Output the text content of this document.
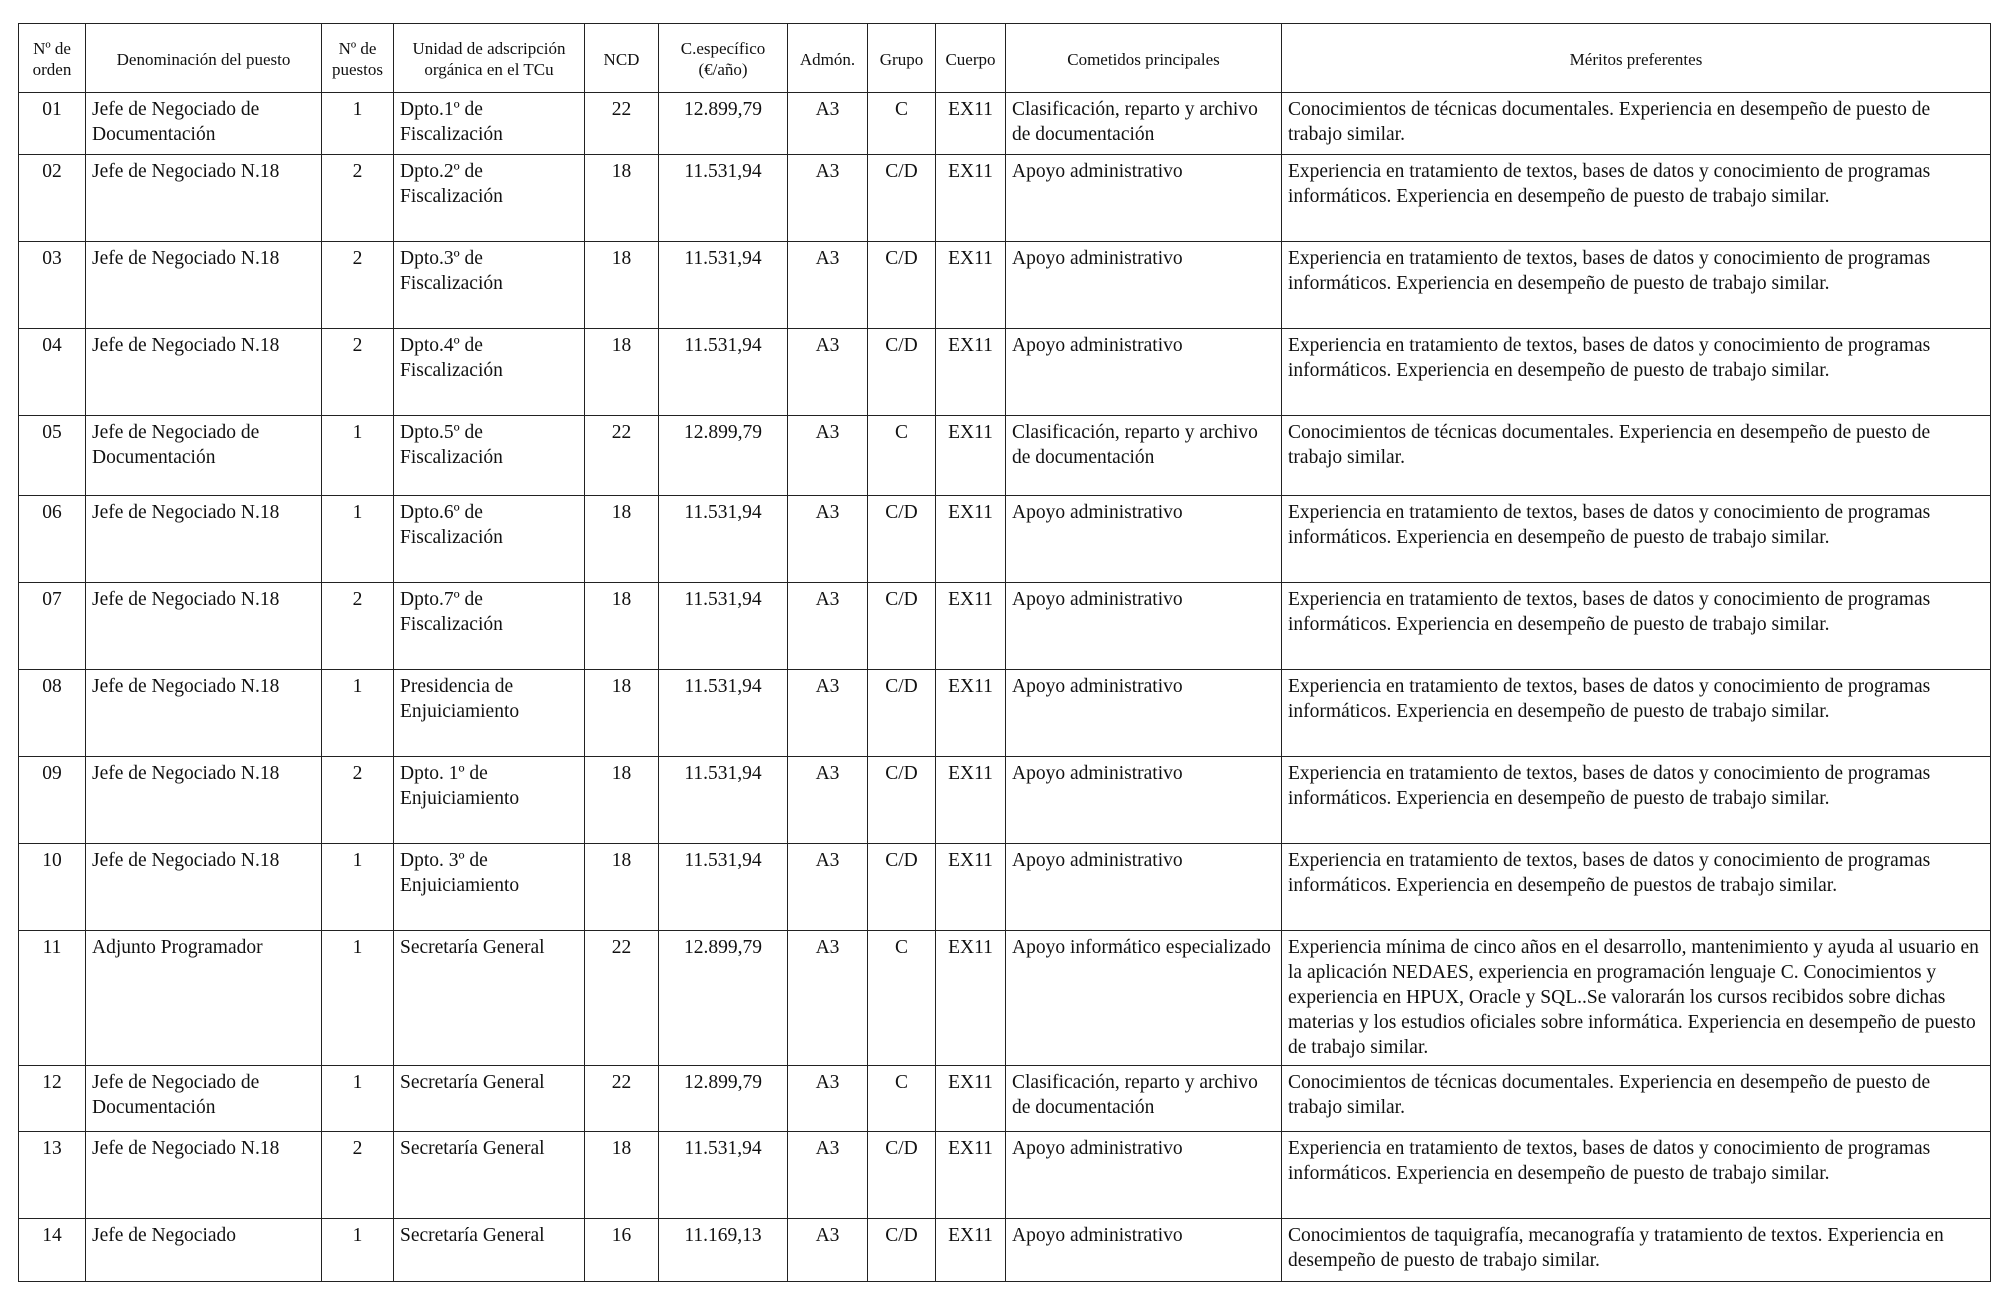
Nº de orden	Denominación del puesto	Nº de puestos	Unidad de adscripción orgánica en el TCu	NCD	C.específico (€/año)	Admón.	Grupo	Cuerpo	Cometidos principales	Méritos preferentes
01	Jefe de Negociado de Documentación	1	Dpto.1º de Fiscalización	22	12.899,79	A3	C	EX11	Clasificación, reparto y archivo de documentación	Conocimientos de técnicas documentales. Experiencia en desempeño de puesto de trabajo similar.
02	Jefe de Negociado N.18	2	Dpto.2º de Fiscalización	18	11.531,94	A3	C/D	EX11	Apoyo administrativo	Experiencia en tratamiento de textos, bases de datos y conocimiento de programas informáticos. Experiencia en desempeño de puesto de trabajo similar.
03	Jefe de Negociado N.18	2	Dpto.3º de Fiscalización	18	11.531,94	A3	C/D	EX11	Apoyo administrativo	Experiencia en tratamiento de textos, bases de datos y conocimiento de programas informáticos. Experiencia en desempeño de puesto de trabajo similar.
04	Jefe de Negociado N.18	2	Dpto.4º de Fiscalización	18	11.531,94	A3	C/D	EX11	Apoyo administrativo	Experiencia en tratamiento de textos, bases de datos y conocimiento de programas informáticos. Experiencia en desempeño de puesto de trabajo similar.
05	Jefe de Negociado de Documentación	1	Dpto.5º de Fiscalización	22	12.899,79	A3	C	EX11	Clasificación, reparto y archivo de documentación	Conocimientos de técnicas documentales. Experiencia en desempeño de puesto de trabajo similar.
06	Jefe de Negociado N.18	1	Dpto.6º de Fiscalización	18	11.531,94	A3	C/D	EX11	Apoyo administrativo	Experiencia en tratamiento de textos, bases de datos y conocimiento de programas informáticos. Experiencia en desempeño de puesto de trabajo similar.
07	Jefe de Negociado N.18	2	Dpto.7º de Fiscalización	18	11.531,94	A3	C/D	EX11	Apoyo administrativo	Experiencia en tratamiento de textos, bases de datos y conocimiento de programas informáticos. Experiencia en desempeño de puesto de trabajo similar.
08	Jefe de Negociado N.18	1	Presidencia de Enjuiciamiento	18	11.531,94	A3	C/D	EX11	Apoyo administrativo	Experiencia en tratamiento de textos, bases de datos y conocimiento de programas informáticos. Experiencia en desempeño de puesto de trabajo similar.
09	Jefe de Negociado N.18	2	Dpto. 1º de Enjuiciamiento	18	11.531,94	A3	C/D	EX11	Apoyo administrativo	Experiencia en tratamiento de textos, bases de datos y conocimiento de programas informáticos. Experiencia en desempeño de puesto de trabajo similar.
10	Jefe de Negociado N.18	1	Dpto. 3º de Enjuiciamiento	18	11.531,94	A3	C/D	EX11	Apoyo administrativo	Experiencia en tratamiento de textos, bases de datos y conocimiento de programas informáticos. Experiencia en desempeño de puestos de trabajo similar.
11	Adjunto Programador	1	Secretaría General	22	12.899,79	A3	C	EX11	Apoyo informático especializado	Experiencia mínima de cinco años en el desarrollo, mantenimiento y ayuda al usuario en la aplicación NEDAES, experiencia en programación lenguaje C. Conocimientos y experiencia en HPUX, Oracle y SQL..Se valorarán los cursos recibidos sobre dichas materias y los estudios oficiales sobre informática. Experiencia en desempeño de puesto de trabajo similar.
12	Jefe de Negociado de Documentación	1	Secretaría General	22	12.899,79	A3	C	EX11	Clasificación, reparto y archivo de documentación	Conocimientos de técnicas documentales. Experiencia en desempeño de puesto de trabajo similar.
13	Jefe de Negociado N.18	2	Secretaría General	18	11.531,94	A3	C/D	EX11	Apoyo administrativo	Experiencia en tratamiento de textos, bases de datos y conocimiento de programas informáticos. Experiencia en desempeño de puesto de trabajo similar.
14	Jefe de Negociado	1	Secretaría General	16	11.169,13	A3	C/D	EX11	Apoyo administrativo	Conocimientos de taquigrafía, mecanografía y tratamiento de textos. Experiencia en desempeño de puesto de trabajo similar.
